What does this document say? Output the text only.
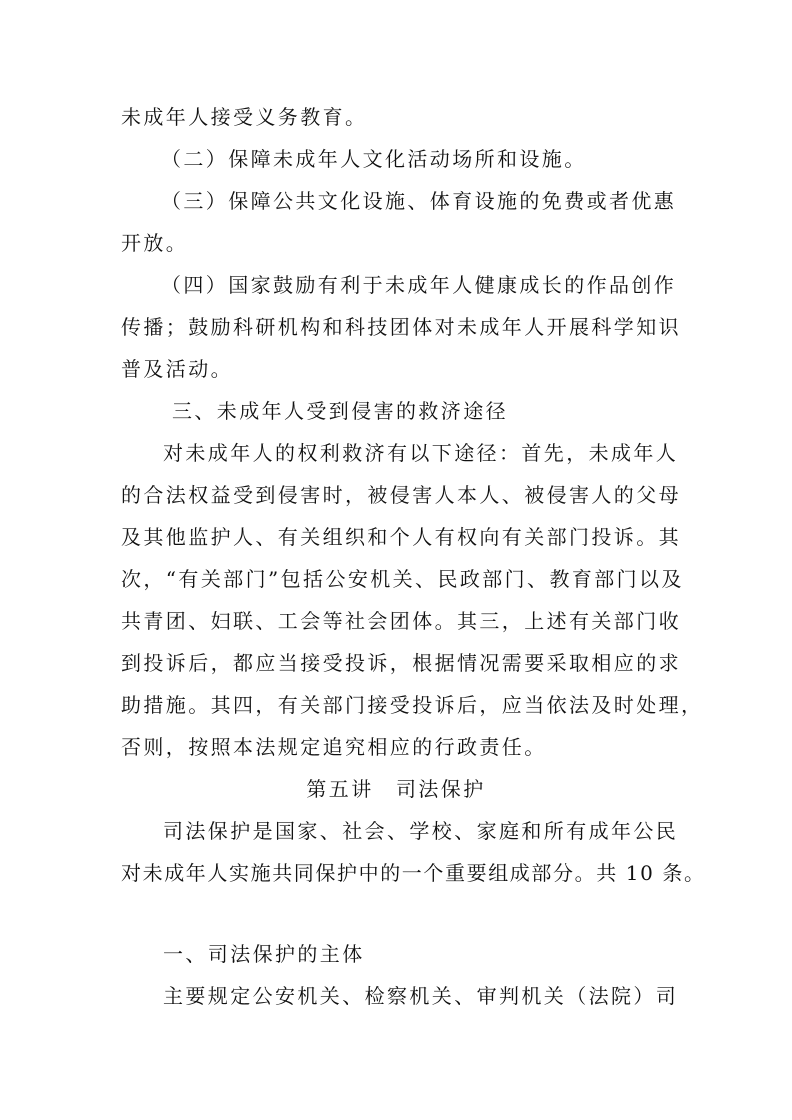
未成年人接受义务教育。
（二）保障未成年人文化活动场所和设施。
（三）保障公共文化设施、体育设施的免费或者优惠
开放。
（四）国家鼓励有利于未成年人健康成长的作品创作
传播；鼓励科研机构和科技团体对未成年人开展科学知识
普及活动。
三、未成年人受到侵害的救济途径
对未成年人的权利救济有以下途径：首先，未成年人
的合法权益受到侵害时，被侵害人本人、被侵害人的父母
及其他监护人、有关组织和个人有权向有关部门投诉。其
次，“有关部门”包括公安机关、民政部门、教育部门以及
共青团、妇联、工会等社会团体。其三，上述有关部门收
到投诉后，都应当接受投诉，根据情况需要采取相应的求
助措施。其四，有关部门接受投诉后，应当依法及时处理，
否则，按照本法规定追究相应的行政责任。
第五讲　司法保护
司法保护是国家、社会、学校、家庭和所有成年公民
对未成年人实施共同保护中的一个重要组成部分。共 10 条。
一、司法保护的主体
主要规定公安机关、检察机关、审判机关（法院）司
